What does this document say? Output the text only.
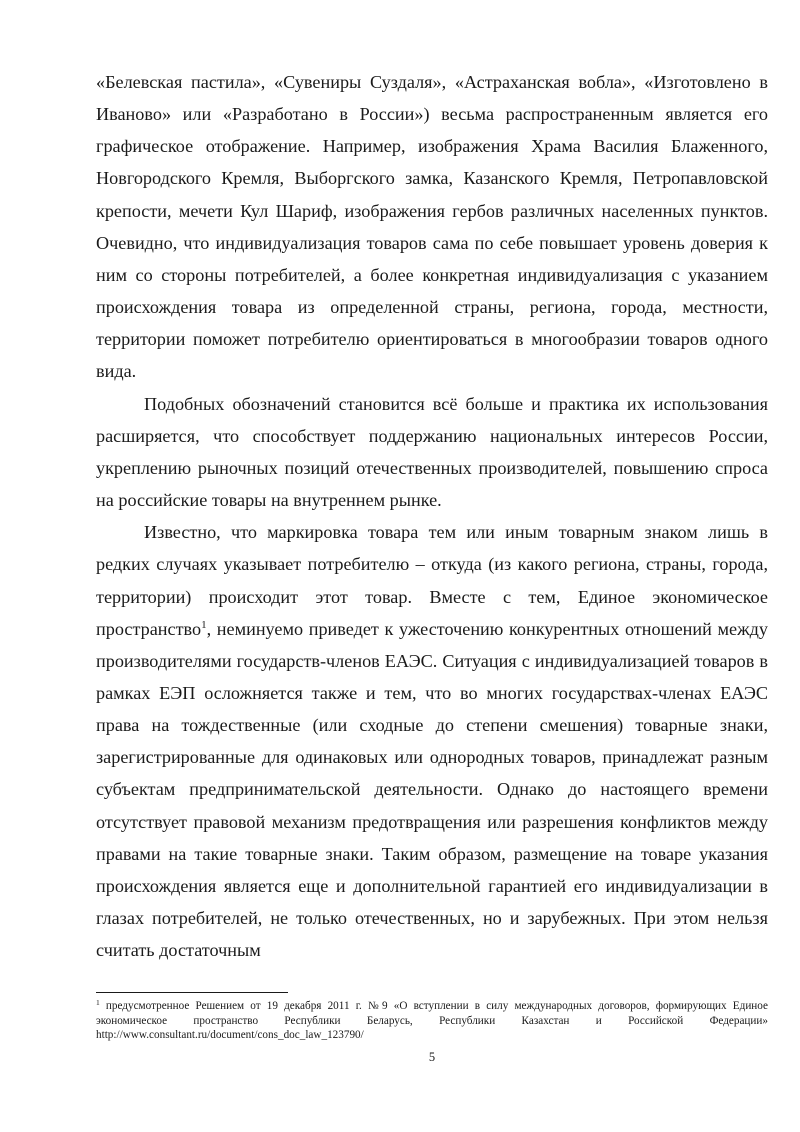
«Белевская пастила», «Сувениры Суздаля», «Астраханская вобла», «Изготовлено в Иваново» или «Разработано в России») весьма распространенным является его графическое отображение. Например, изображения Храма Василия Блаженного, Новгородского Кремля, Выборгского замка, Казанского Кремля, Петропавловской крепости, мечети Кул Шариф, изображения гербов различных населенных пунктов. Очевидно, что индивидуализация товаров сама по себе повышает уровень доверия к ним со стороны потребителей, а более конкретная индивидуализация с указанием происхождения товара из определенной страны, региона, города, местности, территории поможет потребителю ориентироваться в многообразии товаров одного вида.

Подобных обозначений становится всё больше и практика их использования расширяется, что способствует поддержанию национальных интересов России, укреплению рыночных позиций отечественных производителей, повышению спроса на российские товары на внутреннем рынке.

Известно, что маркировка товара тем или иным товарным знаком лишь в редких случаях указывает потребителю – откуда (из какого региона, страны, города, территории) происходит этот товар. Вместе с тем, Единое экономическое пространство$^1$, неминуемо приведет к ужесточению конкурентных отношений между производителями государств-членов ЕАЭС. Ситуация с индивидуализацией товаров в рамках ЕЭП осложняется также и тем, что во многих государствах-членах ЕАЭС права на тождественные (или сходные до степени смешения) товарные знаки, зарегистрированные для одинаковых или однородных товаров, принадлежат разным субъектам предпринимательской деятельности. Однако до настоящего времени отсутствует правовой механизм предотвращения или разрешения конфликтов между правами на такие товарные знаки. Таким образом, размещение на товаре указания происхождения является еще и дополнительной гарантией его индивидуализации в глазах потребителей, не только отечественных, но и зарубежных. При этом нельзя считать достаточным

$^1$ предусмотренное Решением от 19 декабря 2011 г. №9 «О вступлении в силу международных договоров, формирующих Единое экономическое пространство Республики Беларусь, Республики Казахстан и Российской Федерации» http://www.consultant.ru/document/cons_doc_law_123790/
5
